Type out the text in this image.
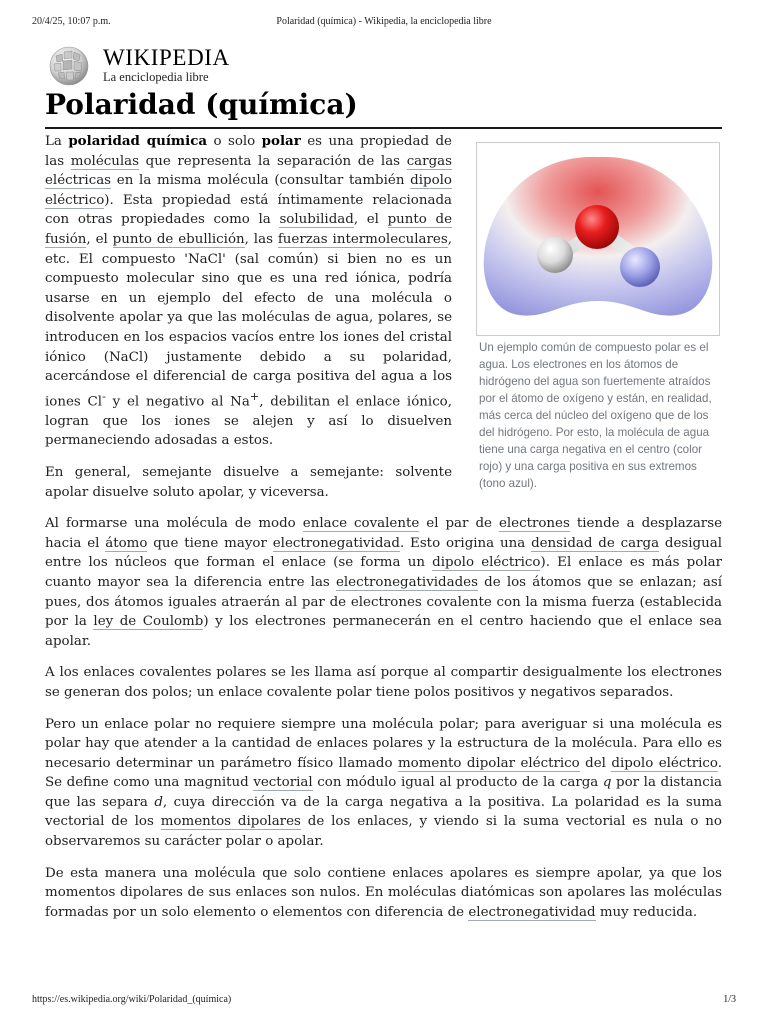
20/4/25, 10:07 p.m.	Polaridad (química) - Wikipedia, la enciclopedia libre
WIKIPEDIA
La enciclopedia libre
Polaridad (química)
Un ejemplo común de compuesto polar es el agua. Los electrones en los átomos de hidrógeno del agua son fuertemente atraídos por el átomo de oxígeno y están, en realidad, más cerca del núcleo del oxígeno que de los del hidrógeno. Por esto, la molécula de agua tiene una carga negativa en el centro (color rojo) y una carga positiva en sus extremos (tono azul).

La polaridad química o solo polar es una propiedad de las moléculas que representa la separación de las cargas eléctricas en la misma molécula (consultar también dipolo eléctrico). Esta propiedad está íntimamente relacionada con otras propiedades como la solubilidad, el punto de fusión, el punto de ebullición, las fuerzas intermoleculares, etc. El compuesto 'NaCl' (sal común) si bien no es un compuesto molecular sino que es una red iónica, podría usarse en un ejemplo del efecto de una molécula o disolvente apolar ya que las moléculas de agua, polares, se introducen en los espacios vacíos entre los iones del cristal iónico (NaCl) justamente debido a su polaridad, acercándose el diferencial de carga positiva del agua a los iones Cl- y el negativo al Na+, debilitan el enlace iónico, logran que los iones se alejen y así lo disuelven permaneciendo adosadas a estos.

En general, semejante disuelve a semejante: solvente apolar disuelve soluto apolar, y viceversa.

Al formarse una molécula de modo enlace covalente el par de electrones tiende a desplazarse hacia el átomo que tiene mayor electronegatividad. Esto origina una densidad de carga desigual entre los núcleos que forman el enlace (se forma un dipolo eléctrico). El enlace es más polar cuanto mayor sea la diferencia entre las electronegatividades de los átomos que se enlazan; así pues, dos átomos iguales atraerán al par de electrones covalente con la misma fuerza (establecida por la ley de Coulomb) y los electrones permanecerán en el centro haciendo que el enlace sea apolar.

A los enlaces covalentes polares se les llama así porque al compartir desigualmente los electrones se generan dos polos; un enlace covalente polar tiene polos positivos y negativos separados.

Pero un enlace polar no requiere siempre una molécula polar; para averiguar si una molécula es polar hay que atender a la cantidad de enlaces polares y la estructura de la molécula. Para ello es necesario determinar un parámetro físico llamado momento dipolar eléctrico del dipolo eléctrico. Se define como una magnitud vectorial con módulo igual al producto de la carga q por la distancia que las separa d, cuya dirección va de la carga negativa a la positiva. La polaridad es la suma vectorial de los momentos dipolares de los enlaces, y viendo si la suma vectorial es nula o no observaremos su carácter polar o apolar.

De esta manera una molécula que solo contiene enlaces apolares es siempre apolar, ya que los momentos dipolares de sus enlaces son nulos. En moléculas diatómicas son apolares las moléculas formadas por un solo elemento o elementos con diferencia de electronegatividad muy reducida.

https://es.wikipedia.org/wiki/Polaridad_(química)	1/3
